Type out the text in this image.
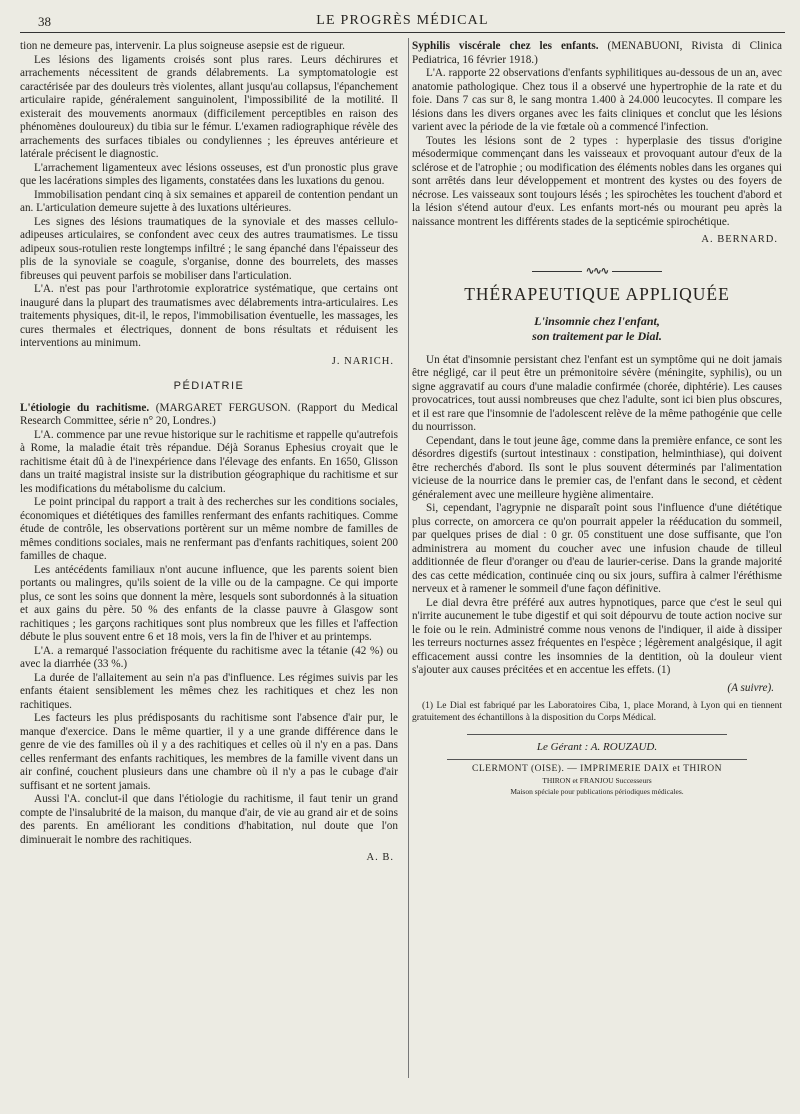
38	LE PROGRÈS MÉDICAL

tion ne demeure pas, intervenir. La plus soigneuse asepsie est de rigueur.

Les lésions des ligaments croisés sont plus rares. Leurs déchirures et arrachements nécessitent de grands délabrements. La symptomatologie est caractérisée par des douleurs très violentes, allant jusqu'au collapsus, l'épanchement articulaire rapide, généralement sanguinolent, l'impossibilité de la motilité. Il existerait des mouvements anormaux (difficilement perceptibles en raison des phénomènes douloureux) du tibia sur le fémur. L'examen radiographique révèle des arrachements des surfaces tibiales ou condyliennes ; les épreuves antérieure et latérale précisent le diagnostic.

L'arrachement ligamenteux avec lésions osseuses, est d'un pronostic plus grave que les lacérations simples des ligaments, constatées dans les luxations du genou.

Immobilisation pendant cinq à six semaines et appareil de contention pendant un an. L'articulation demeure sujette à des luxations ultérieures.

Les signes des lésions traumatiques de la synoviale et des masses cellulo-adipeuses articulaires, se confondent avec ceux des autres traumatismes. Le tissu adipeux sous-rotulien reste longtemps infiltré ; le sang épanché dans l'épaisseur des plis de la synoviale se coagule, s'organise, donne des bourrelets, des masses fibreuses qui peuvent parfois se mobiliser dans l'articulation.

L'A. n'est pas pour l'arthrotomie exploratrice systématique, que certains ont inauguré dans la plupart des traumatismes avec délabrements intra-articulaires. Les traitements physiques, dit-il, le repos, l'immobilisation éventuelle, les massages, les cures thermales et électriques, donnent de bons résultats et réduisent les interventions au minimum.

J. NARICH.
PÉDIATRIE

L'étiologie du rachitisme. (MARGARET FERGUSON. (Rapport du Medical Research Committee, série n° 20, Londres.)

L'A. commence par une revue historique sur le rachitisme et rappelle qu'autrefois à Rome, la maladie était très répandue. Déjà Soranus Ephesius croyait que le rachitisme était dû à de l'inexpérience dans l'élevage des enfants. En 1650, Glisson dans un traité magistral insiste sur la distribution géographique du rachitisme et sur les modifications du métabolisme du calcium.

Le point principal du rapport a trait à des recherches sur les conditions sociales, économiques et diététiques des familles renfermant des enfants rachitiques. Comme étude de contrôle, les observations portèrent sur un même nombre de familles de mêmes conditions sociales, mais ne renfermant pas d'enfants rachitiques, soient 200 familles de chaque.

Les antécédents familiaux n'ont aucune influence, que les parents soient bien portants ou malingres, qu'ils soient de la ville ou de la campagne. Ce qui importe plus, ce sont les soins que donnent la mère, lesquels sont subordonnés à la situation et aux gains du père. 50 % des enfants de la classe pauvre à Glasgow sont rachitiques ; les garçons rachitiques sont plus nombreux que les filles et l'affection débute le plus souvent entre 6 et 18 mois, vers la fin de l'hiver et au printemps.

L'A. a remarqué l'association fréquente du rachitisme avec la tétanie (42 %) ou avec la diarrhée (33 %.)

La durée de l'allaitement au sein n'a pas d'influence. Les régimes suivis par les enfants étaient sensiblement les mêmes chez les rachitiques et chez les non rachitiques.

Les facteurs les plus prédisposants du rachitisme sont l'absence d'air pur, le manque d'exercice. Dans le même quartier, il y a une grande différence dans le genre de vie des familles où il y a des rachitiques et celles où il n'y en a pas. Dans celles renfermant des enfants rachitiques, les membres de la famille vivent dans un air confiné, couchent plusieurs dans une chambre où il n'y a pas le cubage d'air suffisant et ne sortent jamais.

Aussi l'A. conclut-il que dans l'étiologie du rachitisme, il faut tenir un grand compte de l'insalubrité de la maison, du manque d'air, de vie au grand air et de soins des parents. En améliorant les conditions d'habitation, nul doute que l'on diminuerait le nombre des rachitiques.

A. B.

Syphilis viscérale chez les enfants. (MENABUONI, Rivista di Clinica Pediatrica, 16 février 1918.)

L'A. rapporte 22 observations d'enfants syphilitiques au-dessous de un an, avec anatomie pathologique. Chez tous il a observé une hypertrophie de la rate et du foie. Dans 7 cas sur 8, le sang montra 1.400 à 24.000 leucocytes. Il compare les lésions dans les divers organes avec les faits cliniques et conclut que les lésions varient avec la période de la vie fœtale où a commencé l'infection.

Toutes les lésions sont de 2 types : hyperplasie des tissus d'origine mésodermique commençant dans les vaisseaux et provoquant autour d'eux de la sclérose et de l'atrophie ; ou modification des éléments nobles dans les organes qui sont arrêtés dans leur développement et montrent des kystes ou des foyers de nécrose. Les vaisseaux sont toujours lésés ; les spirochètes les touchent d'abord et la lésion s'étend autour d'eux. Les enfants mort-nés ou mourant peu après la naissance montrent les différents stades de la septicémie spirochétique.

A. BERNARD.
∿∿∿
THÉRAPEUTIQUE APPLIQUÉE
L'insomnie chez l'enfant,
son traitement par le Dial.

Un état d'insomnie persistant chez l'enfant est un symptôme qui ne doit jamais être négligé, car il peut être un prémonitoire sévère (méningite, syphilis), ou un signe aggravatif au cours d'une maladie confirmée (chorée, diphtérie). Les causes provocatrices, tout aussi nombreuses que chez l'adulte, sont ici bien plus obscures, et il est rare que l'insomnie de l'adolescent relève de la même pathogénie que celle du nourrisson.

Cependant, dans le tout jeune âge, comme dans la première enfance, ce sont les désordres digestifs (surtout intestinaux : constipation, helminthiase), qui doivent être recherchés d'abord. Ils sont le plus souvent déterminés par l'alimentation vicieuse de la nourrice dans le premier cas, de l'enfant dans le second, et cèdent généralement avec une meilleure hygiène alimentaire.

Si, cependant, l'agrypnie ne disparaît point sous l'influence d'une diététique plus correcte, on amorcera ce qu'on pourrait appeler la rééducation du sommeil, par quelques prises de dial : 0 gr. 05 constituent une dose suffisante, que l'on administrera au moment du coucher avec une infusion chaude de tilleul additionnée de fleur d'oranger ou d'eau de laurier-cerise. Dans la grande majorité des cas cette médication, continuée cinq ou six jours, suffira à calmer l'éréthisme nerveux et à ramener le sommeil d'une façon définitive.

Le dial devra être préféré aux autres hypnotiques, parce que c'est le seul qui n'irrite aucunement le tube digestif et qui soit dépourvu de toute action nocive sur le foie ou le rein. Administré comme nous venons de l'indiquer, il aide à dissiper les terreurs nocturnes assez fréquentes en l'espèce ; légèrement analgésique, il agit efficacement aussi contre les insomnies de la dentition, où la douleur vient s'ajouter aux causes précitées et en accentue les effets. (1)

(A suivre).

(1) Le Dial est fabriqué par les Laboratoires Ciba, 1, place Morand, à Lyon qui en tiennent gratuitement des échantillons à la disposition du Corps Médical.

Le Gérant : A. ROUZAUD.
CLERMONT (OISE). — IMPRIMERIE DAIX et THIRON
THIRON et FRANJOU Successeurs
Maison spéciale pour publications périodiques médicales.
